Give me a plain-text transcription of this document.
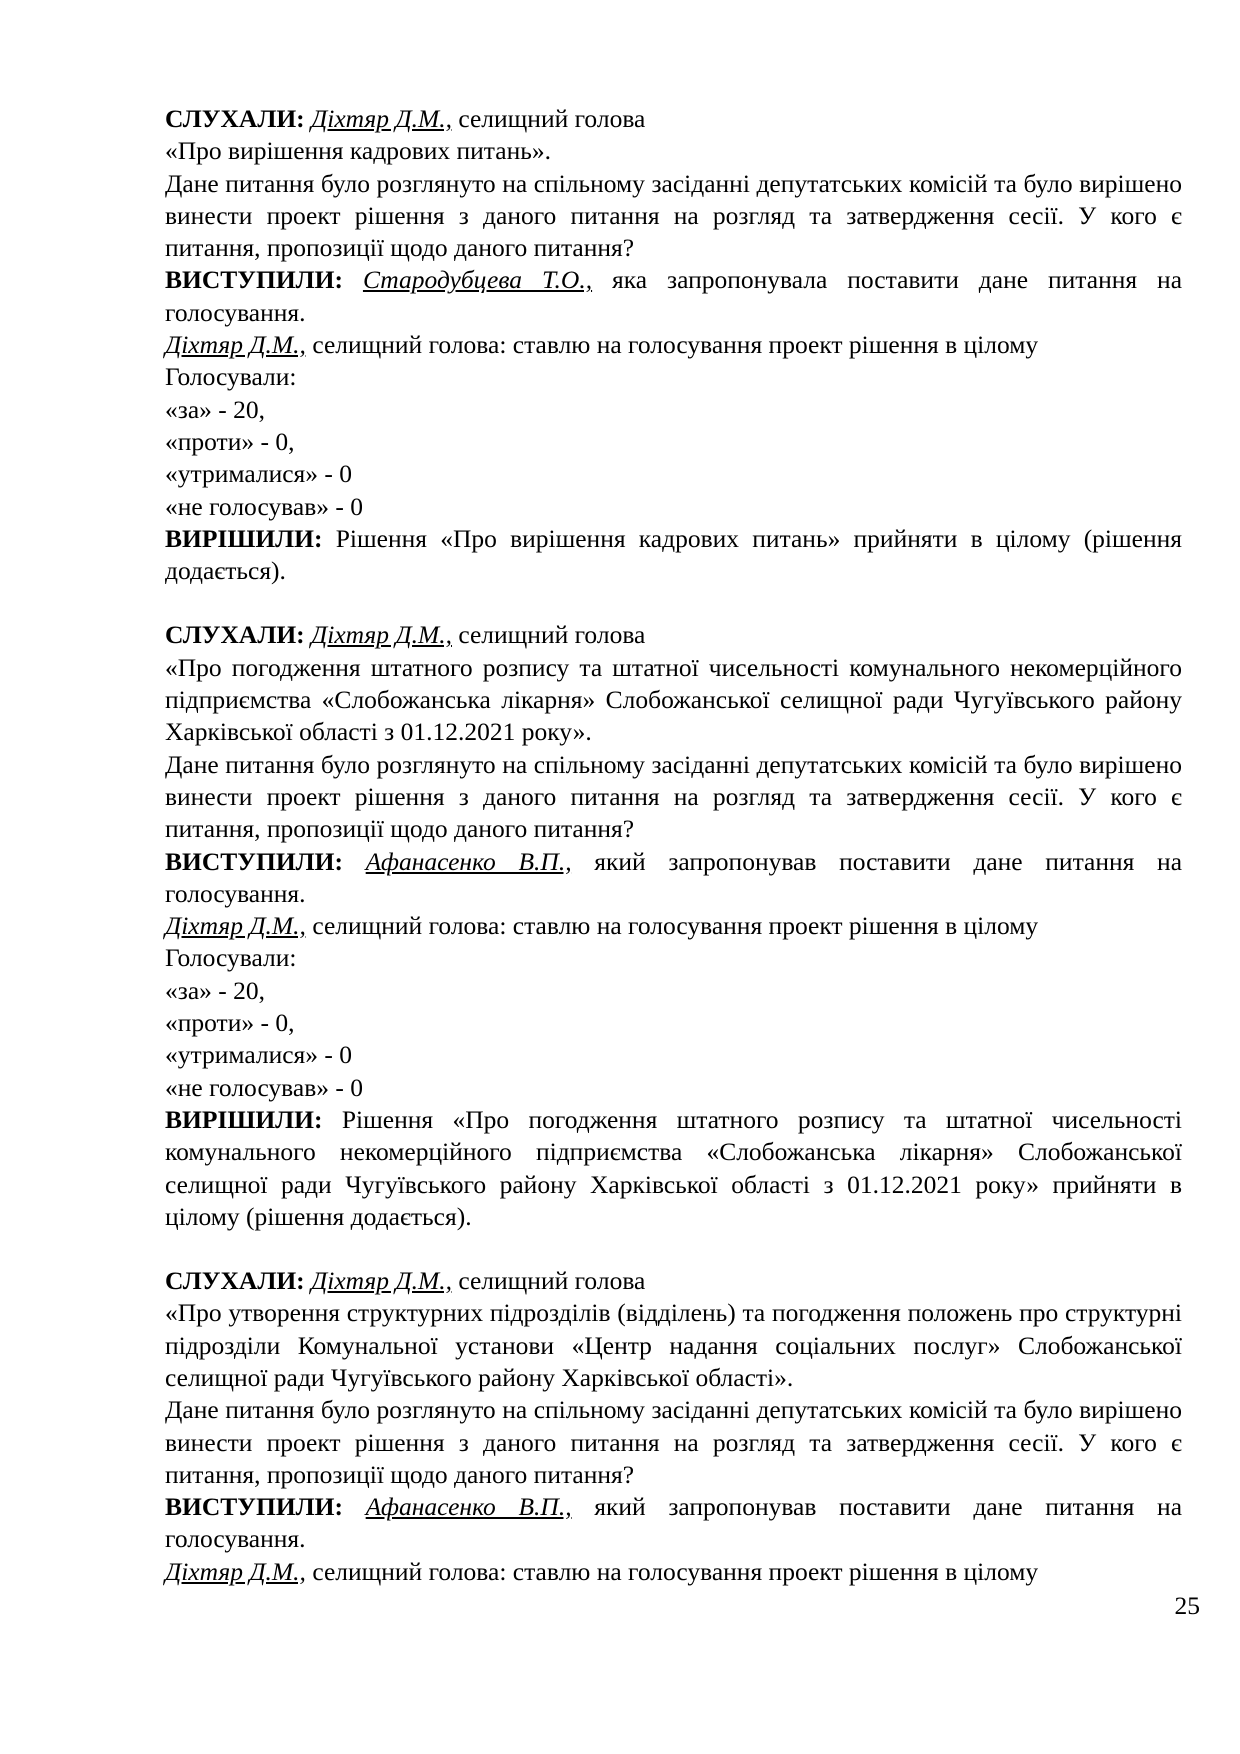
СЛУХАЛИ: Діхтяр Д.М., селищний голова

«Про вирішення кадрових питань».

Дане питання було розглянуто на спільному засіданні депутатських комісій та було вирішено винести проект рішення з даного питання на розгляд та затвердження сесії. У кого є питання, пропозиції щодо даного питання?

ВИСТУПИЛИ: Стародубцева Т.О., яка запропонувала поставити дане питання на голосування.

Діхтяр Д.М., селищний голова: ставлю на голосування проект рішення в цілому

Голосували:

«за» - 20,

«проти» - 0,

«утрималися» - 0

«не голосував» - 0

ВИРІШИЛИ: Рішення «Про вирішення кадрових питань» прийняти в цілому (рішення додається).

СЛУХАЛИ: Діхтяр Д.М., селищний голова

«Про погодження штатного розпису та штатної чисельності комунального некомерційного підприємства «Слобожанська лікарня» Слобожанської селищної ради Чугуївського району Харківської області з 01.12.2021 року».

Дане питання було розглянуто на спільному засіданні депутатських комісій та було вирішено винести проект рішення з даного питання на розгляд та затвердження сесії. У кого є питання, пропозиції щодо даного питання?

ВИСТУПИЛИ: Афанасенко В.П., який запропонував поставити дане питання на голосування.

Діхтяр Д.М., селищний голова: ставлю на голосування проект рішення в цілому

Голосували:

«за» - 20,

«проти» - 0,

«утрималися» - 0

«не голосував» - 0

ВИРІШИЛИ: Рішення «Про погодження штатного розпису та штатної чисельності комунального некомерційного підприємства «Слобожанська лікарня» Слобожанської селищної ради Чугуївського району Харківської області з 01.12.2021 року» прийняти в цілому (рішення додається).

СЛУХАЛИ: Діхтяр Д.М., селищний голова

«Про утворення структурних підрозділів (відділень) та погодження положень про структурні підрозділи Комунальної установи «Центр надання соціальних послуг» Слобожанської селищної ради Чугуївського району Харківської області».

Дане питання було розглянуто на спільному засіданні депутатських комісій та було вирішено винести проект рішення з даного питання на розгляд та затвердження сесії. У кого є питання, пропозиції щодо даного питання?

ВИСТУПИЛИ: Афанасенко В.П., який запропонував поставити дане питання на голосування.

Діхтяр Д.М., селищний голова: ставлю на голосування проект рішення в цілому

25
